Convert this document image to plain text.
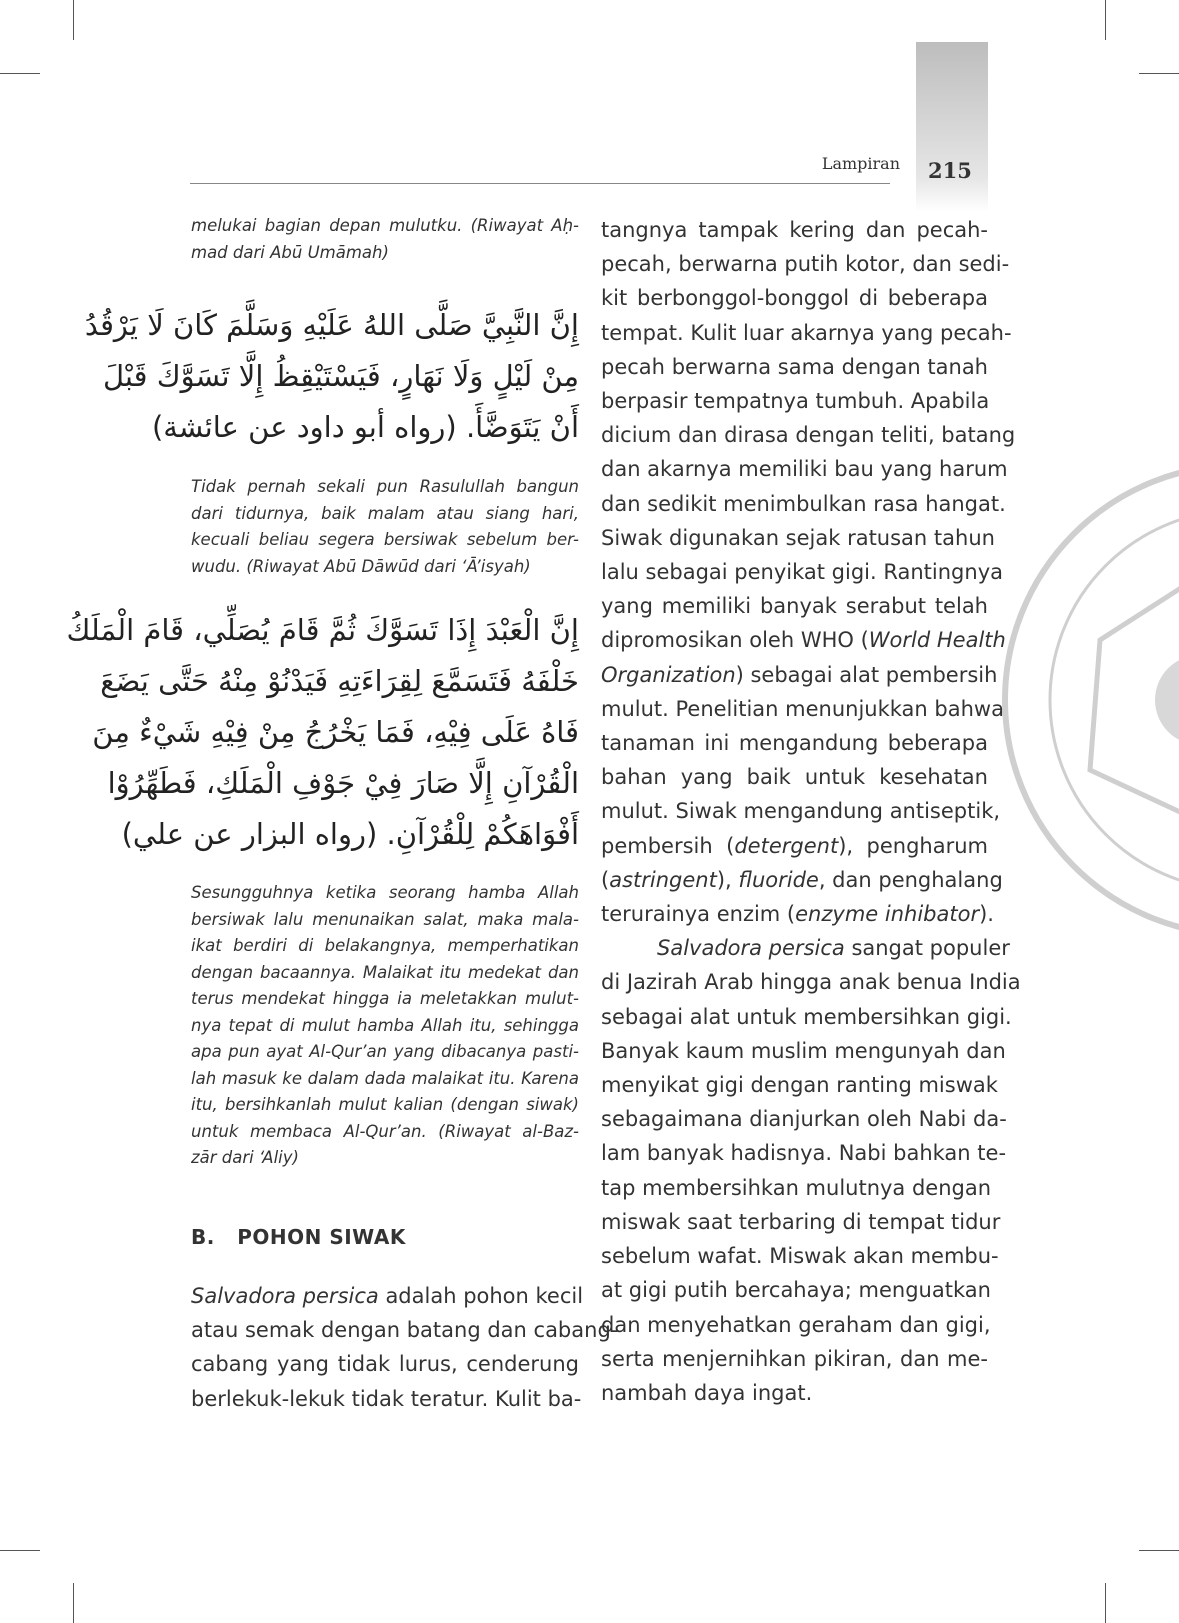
Lampiran 215
melukai bagian depan mulutku. (Riwayat Aḥ-
mad dari Abū Umāmah)
إِنَّ النَّبِيَّ صَلَّى اللهُ عَلَيْهِ وَسَلَّمَ كَانَ لَا يَرْقُدُ
مِنْ لَيْلٍ وَلَا نَهَارٍ، فَيَسْتَيْقِظُ إِلَّا تَسَوَّكَ قَبْلَ
أَنْ يَتَوَضَّأَ. (رواه أبو داود عن عائشة)
Tidak pernah sekali pun Rasulullah bangun
dari tidurnya, baik malam atau siang hari,
kecuali beliau segera bersiwak sebelum ber-
wudu. (Riwayat Abū Dāwūd dari ‘Ā’isyah)
إِنَّ الْعَبْدَ إِذَا تَسَوَّكَ ثُمَّ قَامَ يُصَلِّي، قَامَ الْمَلَكُ
خَلْفَهُ فَتَسَمَّعَ لِقِرَاءَتِهِ فَيَدْنُوْ مِنْهُ حَتَّى يَضَعَ
فَاهُ عَلَى فِيْهِ، فَمَا يَخْرُجُ مِنْ فِيْهِ شَيْءٌ مِنَ
الْقُرْآنِ إِلَّا صَارَ فِيْ جَوْفِ الْمَلَكِ، فَطَهِّرُوْا
أَفْوَاهَكُمْ لِلْقُرْآنِ. (رواه البزار عن علي)
Sesungguhnya ketika seorang hamba Allah
bersiwak lalu menunaikan salat, maka mala-
ikat berdiri di belakangnya, memperhatikan
dengan bacaannya. Malaikat itu medekat dan
terus mendekat hingga ia meletakkan mulut-
nya tepat di mulut hamba Allah itu, sehingga
apa pun ayat Al-Qur’an yang dibacanya pasti-
lah masuk ke dalam dada malaikat itu. Karena
itu, bersihkanlah mulut kalian (dengan siwak)
untuk membaca Al-Qur’an. (Riwayat al-Baz-
zār dari ‘Aliy)
B.   POHON SIWAK
Salvadora persica adalah pohon kecil
atau semak dengan batang dan cabang-
cabang yang tidak lurus, cenderung
berlekuk-lekuk tidak teratur. Kulit ba-
tangnya tampak kering dan pecah-
pecah, berwarna putih kotor, dan sedi-
kit berbonggol-bonggol di beberapa
tempat. Kulit luar akarnya yang pecah-
pecah berwarna sama dengan tanah
berpasir tempatnya tumbuh. Apabila
dicium dan dirasa dengan teliti, batang
dan akarnya memiliki bau yang harum
dan sedikit menimbulkan rasa hangat.
Siwak digunakan sejak ratusan tahun
lalu sebagai penyikat gigi. Rantingnya
yang memiliki banyak serabut telah
dipromosikan oleh WHO (World Health
Organization) sebagai alat pembersih
mulut. Penelitian menunjukkan bahwa
tanaman ini mengandung beberapa
bahan yang baik untuk kesehatan
mulut. Siwak mengandung antiseptik,
pembersih (detergent), pengharum
(astringent), fluoride, dan penghalang
terurainya enzim (enzyme inhibator).
Salvadora persica sangat populer
di Jazirah Arab hingga anak benua India
sebagai alat untuk membersihkan gigi.
Banyak kaum muslim mengunyah dan
menyikat gigi dengan ranting miswak
sebagaimana dianjurkan oleh Nabi da-
lam banyak hadisnya. Nabi bahkan te-
tap membersihkan mulutnya dengan
miswak saat terbaring di tempat tidur
sebelum wafat. Miswak akan membu-
at gigi putih bercahaya; menguatkan
dan menyehatkan geraham dan gigi,
serta menjernihkan pikiran, dan me-
nambah daya ingat.
